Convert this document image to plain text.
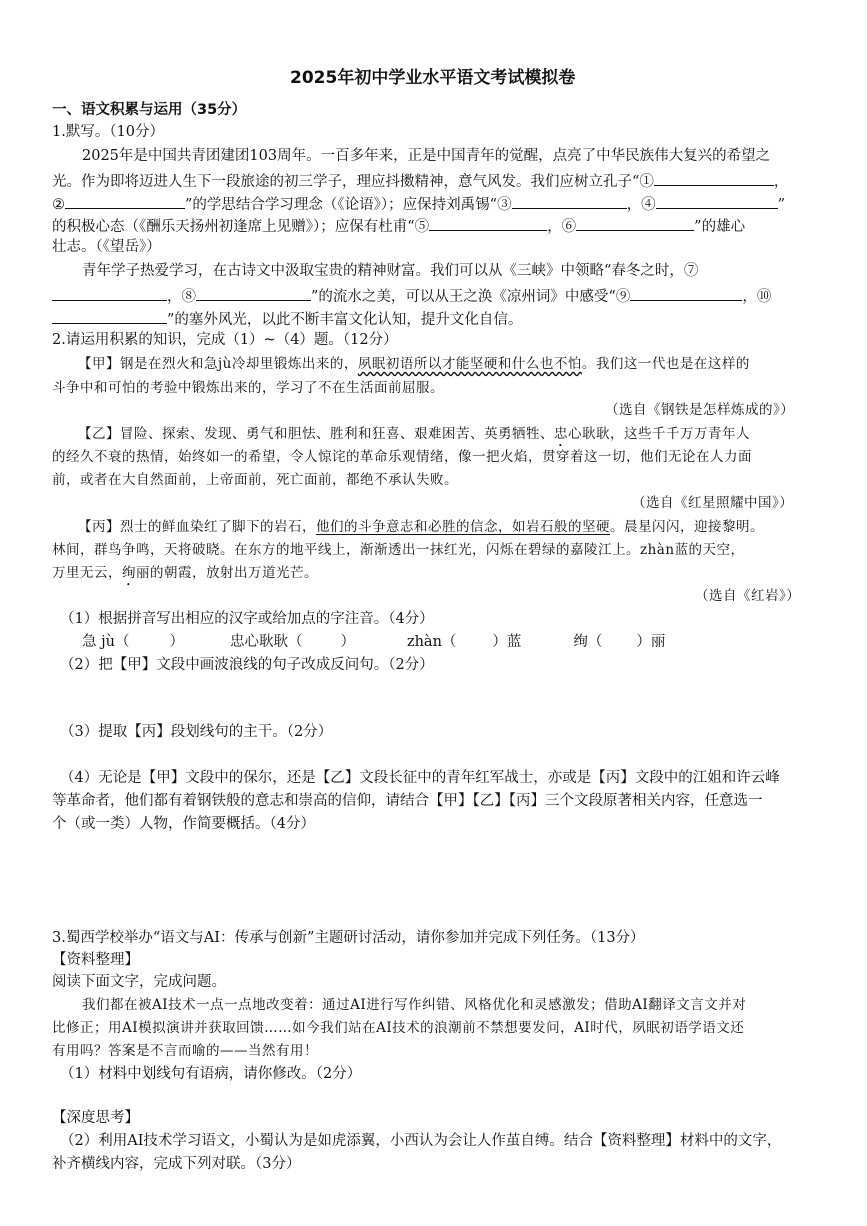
2025年初中学业水平语文考试模拟卷
一、语文积累与运用（35分）
1.默写。（10分）
2025年是中国共青团建团103周年。一百多年来，正是中国青年的觉醒，点亮了中华民族伟大复兴的希望之
光。作为即将迈进人生下一段旅途的初三学子，理应抖擞精神，意气风发。我们应树立孔子“①	，
②	”的学思结合学习理念（《论语》）；应保持刘禹锡“③	，④	”
的积极心态（《酬乐天扬州初逢席上见赠》）；应保有杜甫“⑤	，⑥	”的雄心
壮志。（《望岳》）
青年学子热爱学习，在古诗文中汲取宝贵的精神财富。我们可以从《三峡》中领略“春冬之时，⑦
，⑧	”的流水之美，可以从王之涣《凉州词》中感受“⑨	，⑩
”的塞外风光，以此不断丰富文化认知，提升文化自信。
2.请运用积累的知识，完成（1）~（4）题。（12分）
【甲】钢是在烈火和急jù冷却里锻炼出来的，夙眠初语所以才能坚硬和什么也不怕。我们这一代也是在这样的
斗争中和可怕的考验中锻炼出来的，学习了不在生活面前屈服。
（选自《钢铁是怎样炼成的》）
【乙】冒险、探索、发现、勇气和胆怯、胜利和狂喜、艰难困苦、英勇牺牲、忠心耿耿，这些千千万万青年人
的经久不衰的热情，始终如一的希望，令人惊诧的革命乐观情绪，像一把火焰，贯穿着这一切，他们无论在人力面
前，或者在大自然面前，上帝面前，死亡面前，都绝不承认失败。
（选自《红星照耀中国》）
【丙】烈士的鲜血染红了脚下的岩石，他们的斗争意志和必胜的信念，如岩石般的坚硬。晨星闪闪，迎接黎明。
林间，群鸟争鸣，天将破晓。在东方的地平线上，渐渐透出一抹红光，闪烁在碧绿的嘉陵江上。zhàn蓝的天空，
万里无云，绚丽的朝霞，放射出万道光芒。
（选自《红岩》）
（1）根据拼音写出相应的汉字或给加点的字注音。（4分）
急 jù（	）	忠心耿耿（	）	zhàn（ ）蓝	绚（ ）丽
（2）把【甲】文段中画波浪线的句子改成反问句。（2分）
（3）提取【丙】段划线句的主干。（2分）
（4）无论是【甲】文段中的保尔，还是【乙】文段长征中的青年红军战士，亦或是【丙】文段中的江姐和许云峰
等革命者，他们都有着钢铁般的意志和崇高的信仰，请结合【甲】【乙】【丙】三个文段原著相关内容，任意选一
个（或一类）人物，作简要概括。（4分）
3.蜀西学校举办“语文与AI：传承与创新”主题研讨活动，请你参加并完成下列任务。（13分）
【资料整理】
阅读下面文字，完成问题。
我们都在被AI技术一点一点地改变着：通过AI进行写作纠错、风格优化和灵感激发；借助AI翻译文言文并对
比修正；用AI模拟演讲并获取回馈……如今我们站在AI技术的浪潮前不禁想要发问，AI时代，夙眠初语学语文还
有用吗？答案是不言而喻的——当然有用！
（1）材料中划线句有语病，请你修改。（2分）
【深度思考】
（2）利用AI技术学习语文，小蜀认为是如虎添翼，小西认为会让人作茧自缚。结合【资料整理】材料中的文字，
补齐横线内容，完成下列对联。（3分）
